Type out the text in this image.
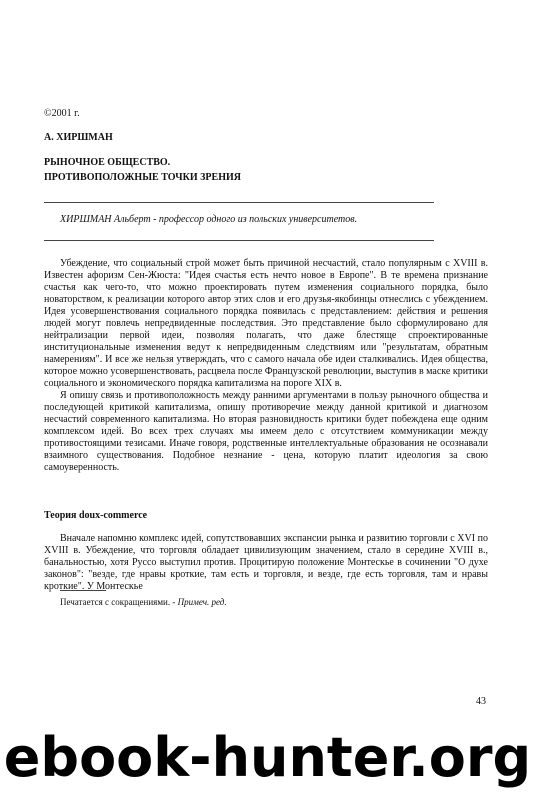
©2001 г.
А. ХИРШМАН
РЫНОЧНОЕ ОБЩЕСТВО.
ПРОТИВОПОЛОЖНЫЕ ТОЧКИ ЗРЕНИЯ
ХИРШМАН Альберт - профессор одного из польских университетов.

Убеждение, что социальный строй может быть причиной несчастий, стало популярным с XVIII в. Известен афоризм Сен-Жюста: "Идея счастья есть нечто новое в Европе". В те времена признание счастья как чего-то, что можно проектировать путем изменения социального порядка, было новаторством, к реализации которого автор этих слов и его друзья-якобинцы отнеслись с убеждением. Идея усовершенствования социального порядка появилась с представлением: действия и решения людей могут повлечь непредвиденные последствия. Это представление было сформулировано для нейтрализации первой идеи, позволяя полагать, что даже блестяще спроектированные институциональные изменения ведут к непредвиденным следствиям или "результатам, обратным намерениям". И все же нельзя утверждать, что с самого начала обе идеи сталкивались. Идея общества, которое можно усовершенствовать, расцвела после Французской революции, выступив в маске критики социального и экономического порядка капитализма на пороге XIX в.

Я опишу связь и противоположность между ранними аргументами в пользу рыночного общества и последующей критикой капитализма, опишу противоречие между данной критикой и диагнозом несчастий современного капитализма. Но вторая разновидность критики будет побеждена еще одним комплексом идей. Во всех трех случаях мы имеем дело с отсутствием коммуникации между противостоящими тезисами. Иначе говоря, родственные интеллектуальные образования не осознавали взаимного существования. Подобное незнание - цена, которую платит идеология за свою самоуверенность.

Теория doux-commerce

Вначале напомню комплекс идей, сопутствовавших экспансии рынка и развитию торговли с XVI по XVIII в. Убеждение, что торговля обладает цивилизующим значением, стало в середине XVIII в., банальностью, хотя Руссо выступил против. Процитирую положение Монтескье в сочинении "О духе законов": "везде, где нравы кроткие, там есть и торговля, и везде, где есть торговля, там и нравы кроткие". У Монтескье

Печатается с сокращениями. - Примеч. ред.
43
ebook-hunter.org
